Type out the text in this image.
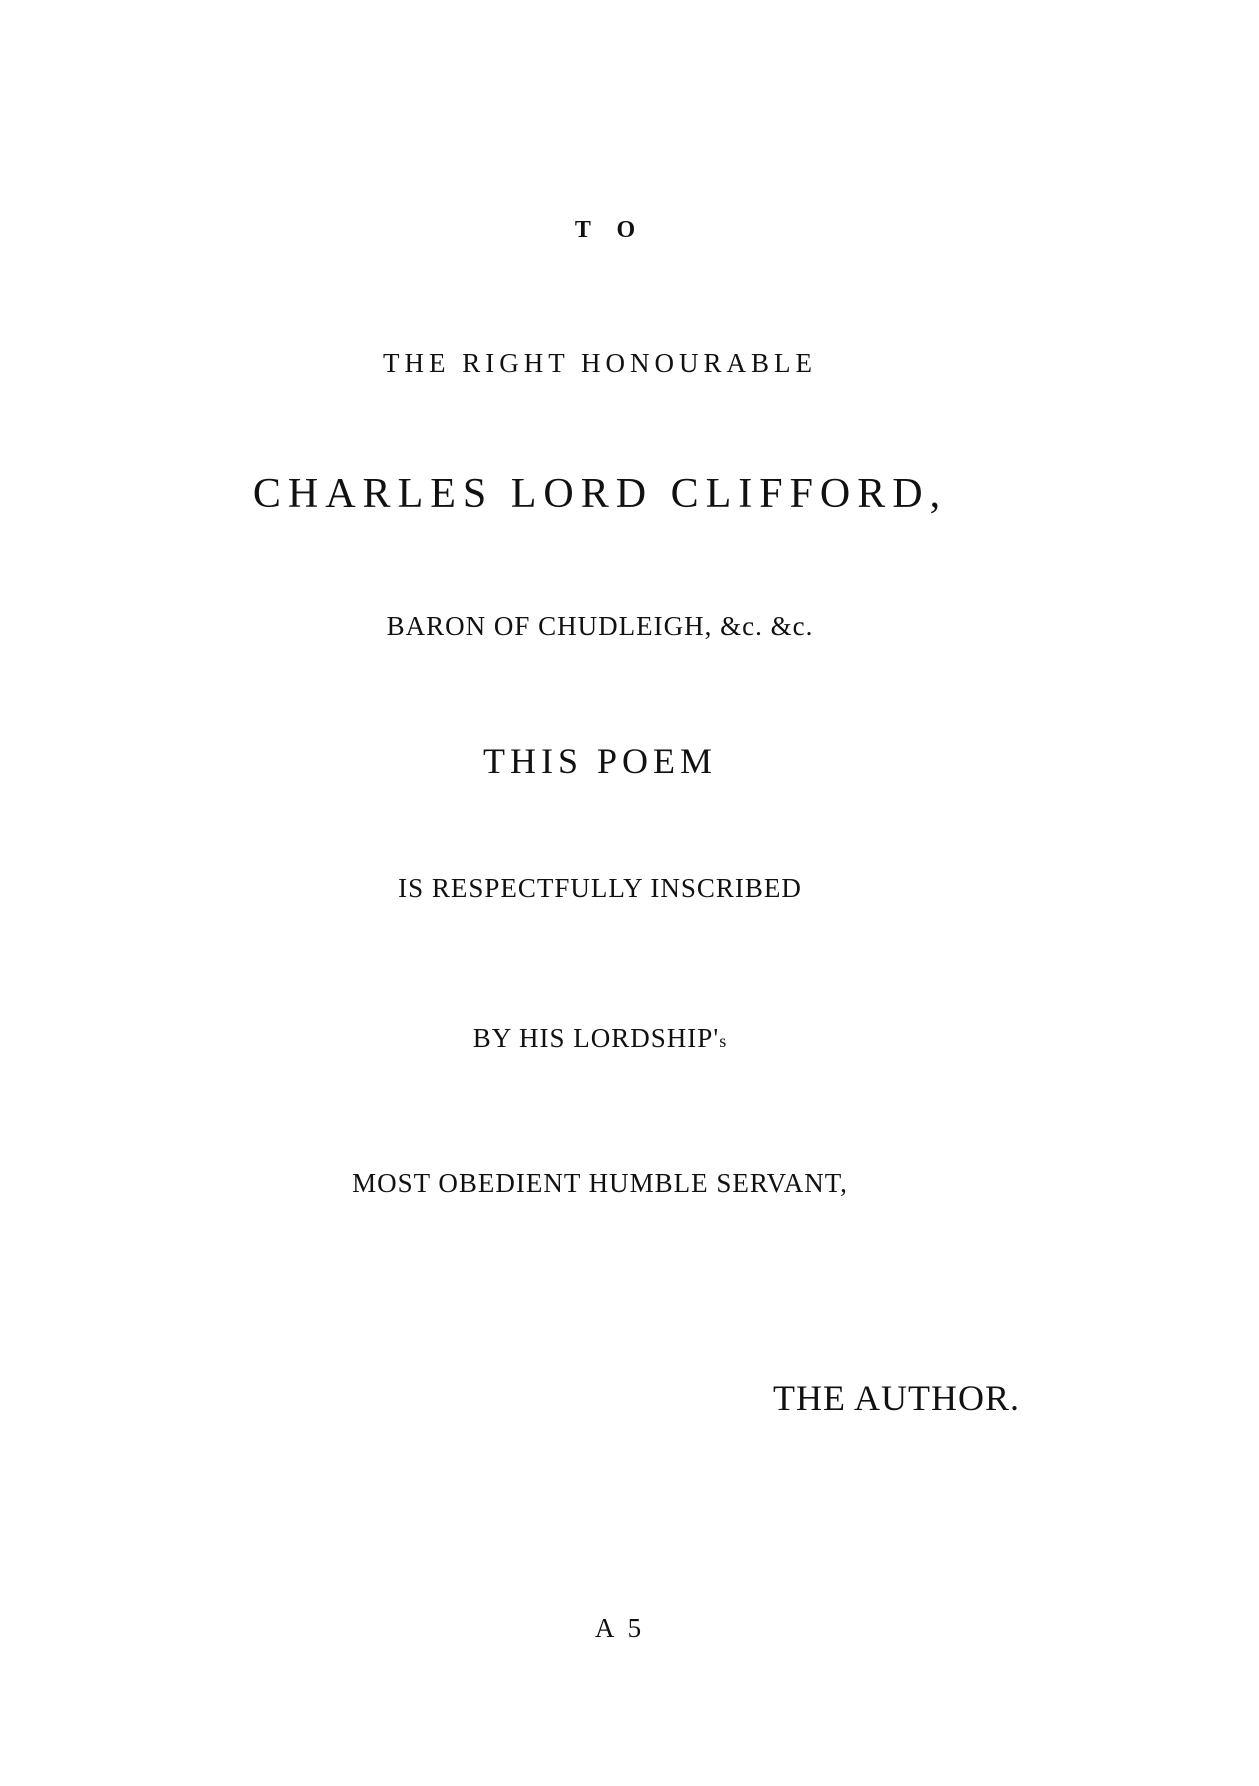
T O
THE RIGHT HONOURABLE
CHARLES LORD CLIFFORD,
BARON OF CHUDLEIGH, &c. &c.
THIS POEM
IS RESPECTFULLY INSCRIBED
BY HIS LORDSHIP's
MOST OBEDIENT HUMBLE SERVANT,
THE AUTHOR.
A 5
